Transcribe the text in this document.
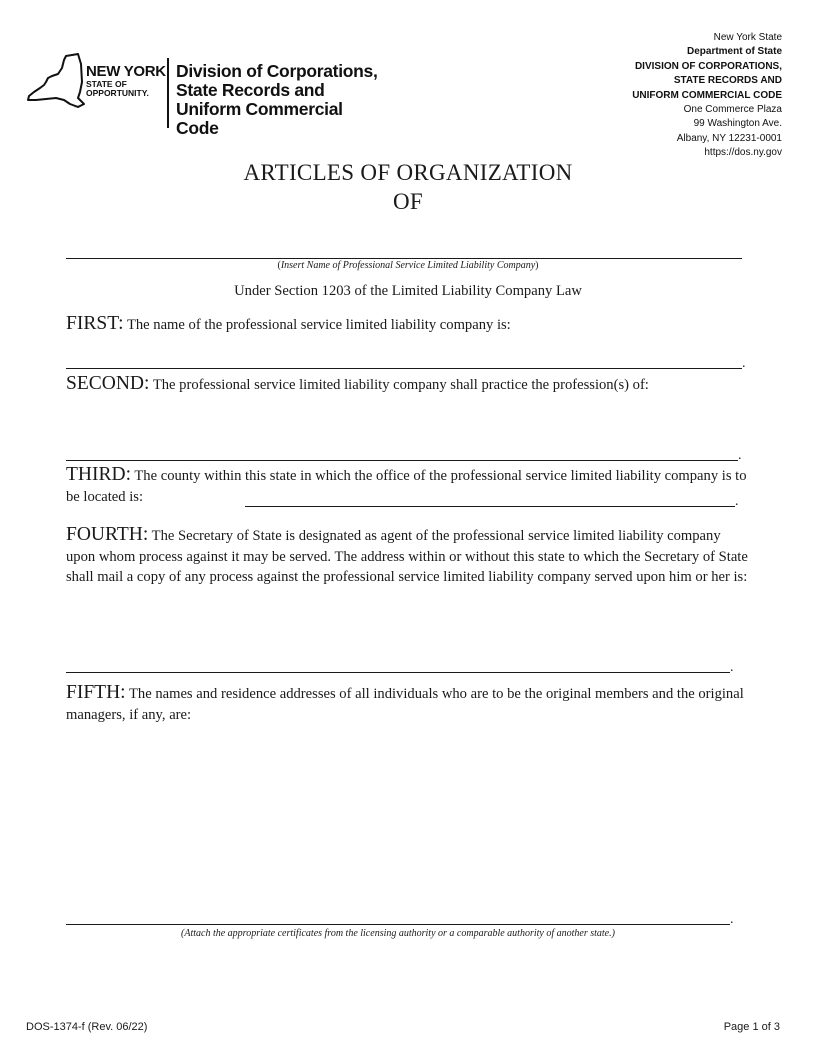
NEW YORK
STATE OF
OPPORTUNITY.
Division of Corporations,
State Records and
Uniform Commercial Code
New York State
Department of State
DIVISION OF CORPORATIONS,
STATE RECORDS AND
UNIFORM COMMERCIAL CODE
One Commerce Plaza
99 Washington Ave.
Albany, NY 12231-0001
https://dos.ny.gov
ARTICLES OF ORGANIZATION
OF
(Insert Name of Professional Service Limited Liability Company)
Under Section 1203 of the Limited Liability Company Law
FIRST: The name of the professional service limited liability company is:
.
SECOND: The professional service limited liability company shall practice the profession(s) of:
.
THIRD: The county within this state in which the office of the professional service limited liability company is to be located is:	.
FOURTH: The Secretary of State is designated as agent of the professional service limited liability company upon whom process against it may be served. The address within or without this state to which the Secretary of State shall mail a copy of any process against the professional service limited liability company served upon him or her is:
.
FIFTH: The names and residence addresses of all individuals who are to be the original members and the original managers, if any, are:
.
(Attach the appropriate certificates from the licensing authority or a comparable authority of another state.)
DOS-1374-f (Rev. 06/22)	Page 1 of 3
